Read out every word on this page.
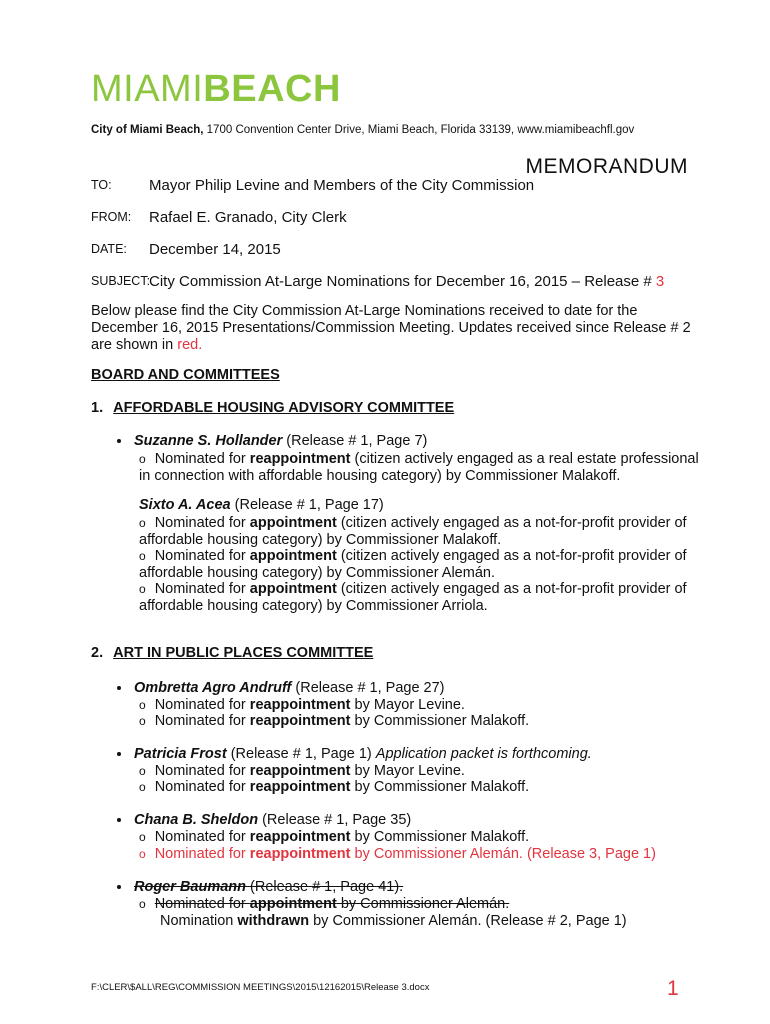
MIAMIBEACH
City of Miami Beach, 1700 Convention Center Drive, Miami Beach, Florida 33139, www.miamibeachfl.gov
MEMORANDUM
TO: Mayor Philip Levine and Members of the City Commission
FROM: Rafael E. Granado, City Clerk
DATE: December 14, 2015
SUBJECT:
City Commission At-Large Nominations for December 16, 2015 – Release # 3
Below please find the City Commission At-Large Nominations received to date for the December 16, 2015 Presentations/Commission Meeting. Updates received since Release # 2 are shown in red.
BOARD AND COMMITTEES
1. AFFORDABLE HOUSING ADVISORY COMMITTEE
Suzanne S. Hollander (Release # 1, Page 7)
o Nominated for reappointment (citizen actively engaged as a real estate professional in connection with affordable housing category) by Commissioner Malakoff.
Sixto A. Acea (Release # 1, Page 17)
o Nominated for appointment (citizen actively engaged as a not-for-profit provider of affordable housing category) by Commissioner Malakoff.
o Nominated for appointment (citizen actively engaged as a not-for-profit provider of affordable housing category) by Commissioner Alemán.
o Nominated for appointment (citizen actively engaged as a not-for-profit provider of affordable housing category) by Commissioner Arriola.
2. ART IN PUBLIC PLACES COMMITTEE
Ombretta Agro Andruff (Release # 1, Page 27)
o Nominated for reappointment by Mayor Levine.
o Nominated for reappointment by Commissioner Malakoff.
Patricia Frost (Release # 1, Page 1) Application packet is forthcoming.
o Nominated for reappointment by Mayor Levine.
o Nominated for reappointment by Commissioner Malakoff.
Chana B. Sheldon (Release # 1, Page 35)
o Nominated for reappointment by Commissioner Malakoff.
o Nominated for reappointment by Commissioner Alemán. (Release 3, Page 1)
Roger Baumann (Release # 1, Page 41).
o Nominated for appointment by Commissioner Alemán.
Nomination withdrawn by Commissioner Alemán. (Release # 2, Page 1)
F:\CLER\$ALL\REG\COMMISSION MEETINGS\2015\12162015\Release 3.docx	1
